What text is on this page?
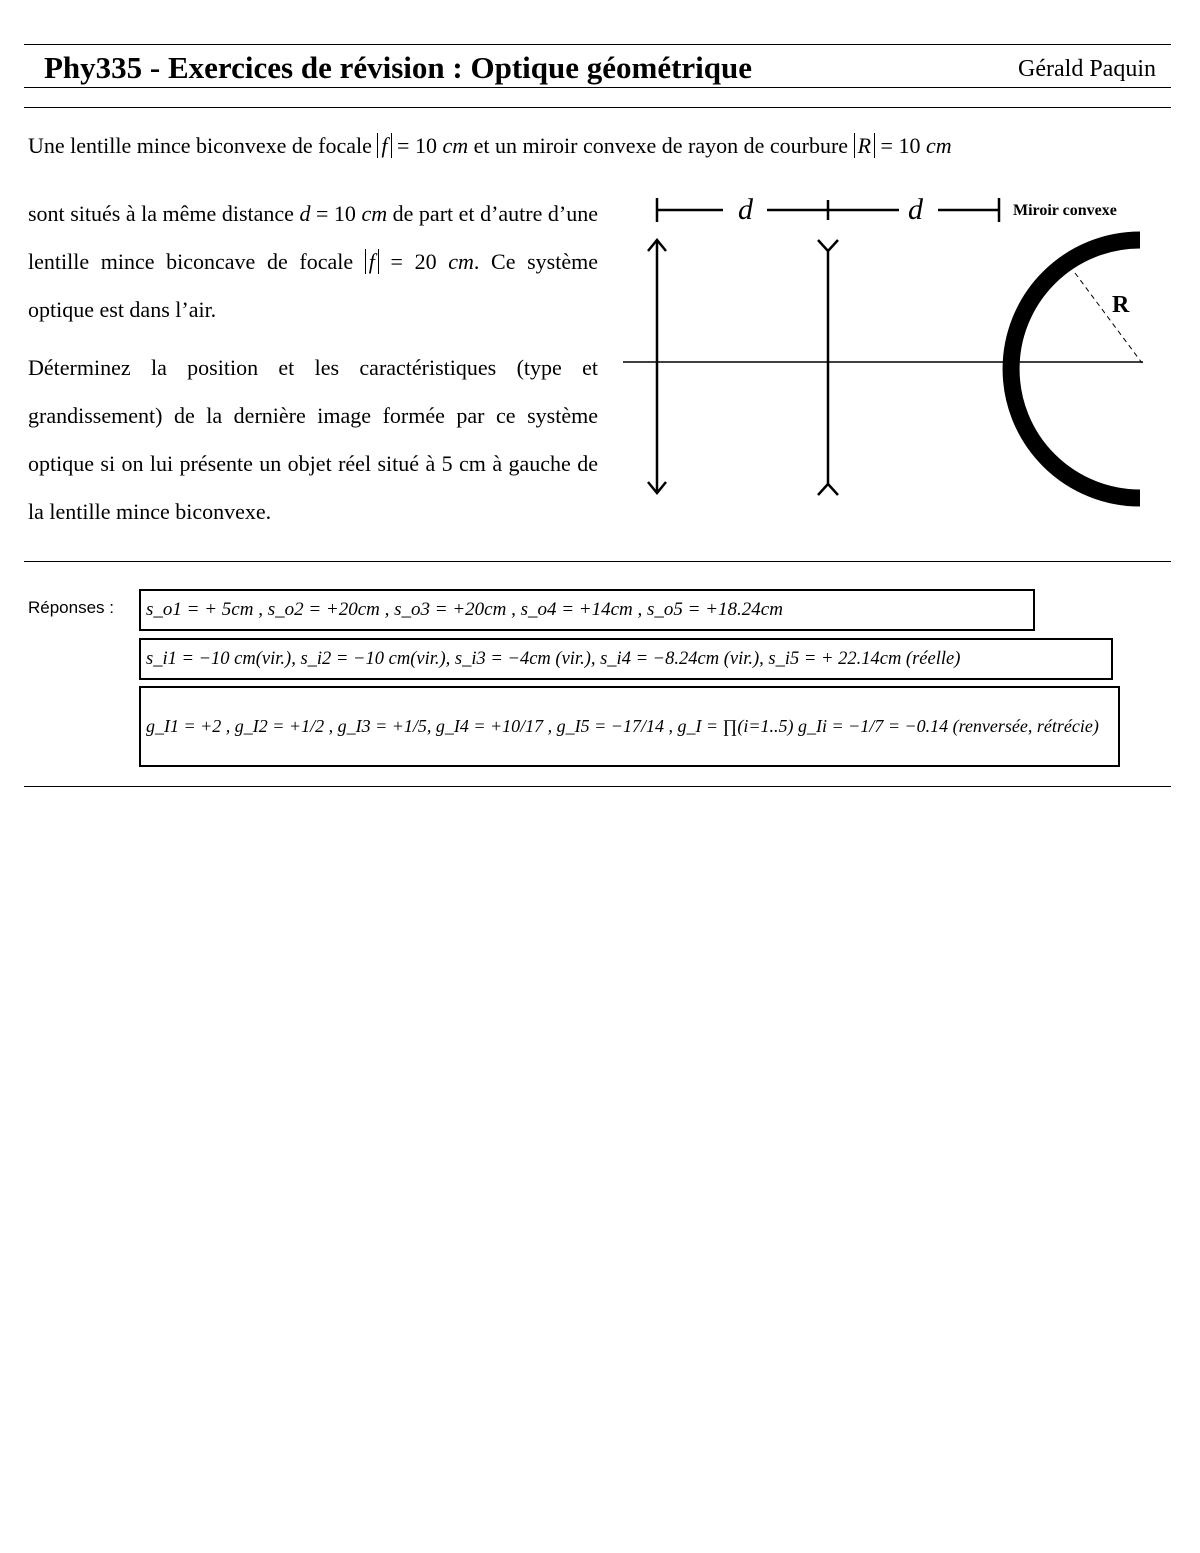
Phy335 - Exercices de révision : Optique géométrique	Gérald Paquin
Une lentille mince biconvexe de focale f = 10 cm et un miroir convexe de rayon de courbure R = 10 cm

sont situés à la même distance d = 10 cm de part et d’autre d’une lentille mince biconcave de focale f = 20 cm. Ce système optique est dans l’air.
Déterminez la position et les caractéristiques (type et grandissement) de la dernière image formée par ce système optique si on lui présente un objet réel situé à 5 cm à gauche de la lentille mince biconvexe.

d	d	Miroir convexe
R
Réponses : s_o1 = + 5cm , s_o2 = +20cm , s_o3 = +20cm , s_o4 = +14cm , s_o5 = +18.24cm
s_i1 = −10 cm(vir.), s_i2 = −10 cm(vir.), s_i3 = −4cm (vir.), s_i4 = −8.24cm (vir.), s_i5 = + 22.14cm (réelle)
g_I1 = +2 , g_I2 = +1/2 , g_I3 = +1/5, g_I4 = +10/17 , g_I5 = −17/14 , g_I = ∏(i=1..5) g_Ii = −1/7 = −0.14 (renversée, rétrécie)
